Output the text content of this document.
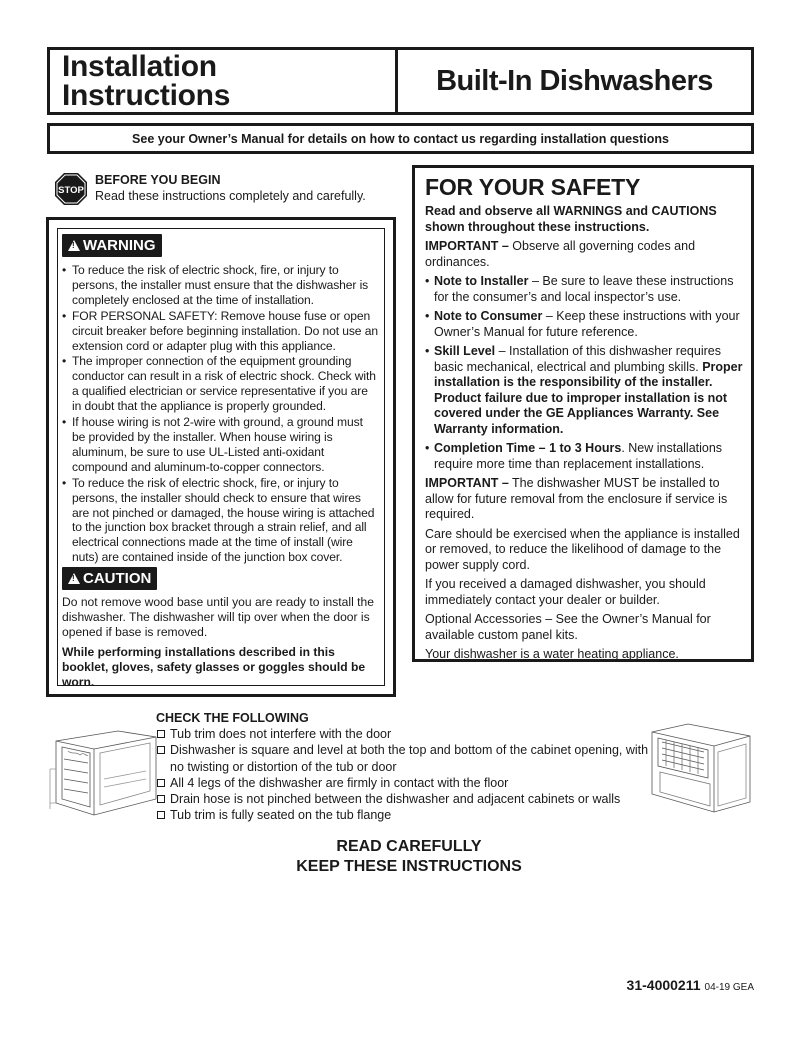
Installation
Instructions	Built-In Dishwashers
See your Owner’s Manual for details on how to contact us regarding installation questions
STOP
BEFORE YOU BEGIN
Read these instructions completely and carefully.
!
WARNING
• To reduce the risk of electric shock, fire, or injury to persons, the installer must ensure that the dishwasher is completely enclosed at the time of installation.
• FOR PERSONAL SAFETY: Remove house fuse or open circuit breaker before beginning installation. Do not use an extension cord or adapter plug with this appliance.
• The improper connection of the equipment grounding conductor can result in a risk of electric shock. Check with a qualified electrician or service representative if you are in doubt that the appliance is properly grounded.
• If house wiring is not 2-wire with ground, a ground must be provided by the installer. When house wiring is aluminum, be sure to use UL-Listed anti-oxidant compound and aluminum-to-copper connectors.
• To reduce the risk of electric shock, fire, or injury to persons, the installer should check to ensure that wires are not pinched or damaged, the house wiring is attached to the junction box bracket through a strain relief, and all electrical connections made at the time of install (wire nuts) are contained inside of the junction box cover.
!
CAUTION
Do not remove wood base until you are ready to install the dishwasher. The dishwasher will tip over when the door is opened if base is removed.
While performing installations described in this booklet, gloves, safety glasses or goggles should be worn.
FOR YOUR SAFETY

Read and observe all WARNINGS and CAUTIONS shown throughout these instructions.

IMPORTANT – Observe all governing codes and ordinances.

• Note to Installer – Be sure to leave these instructions for the consumer’s and local inspector’s use.
• Note to Consumer – Keep these instructions with your Owner’s Manual for future reference.
• Skill Level – Installation of this dishwasher requires basic mechanical, electrical and plumbing skills. Proper installation is the responsibility of the installer. Product failure due to improper installation is not covered under the GE Appliances Warranty. See Warranty information.
• Completion Time – 1 to 3 Hours. New installations require more time than replacement installations.

IMPORTANT – The dishwasher MUST be installed to allow for future removal from the enclosure if service is required.

Care should be exercised when the appliance is installed or removed, to reduce the likelihood of damage to the power supply cord.

If you received a damaged dishwasher, you should immediately contact your dealer or builder.

Optional Accessories – See the Owner’s Manual for available custom panel kits.

Your dishwasher is a water heating appliance.

CHECK THE FOLLOWING
Tub trim does not interfere with the door
Dishwasher is square and level at both the top and bottom of the cabinet opening, with no twisting or distortion of the tub or door
All 4 legs of the dishwasher are firmly in contact with the floor
Drain hose is not pinched between the dishwasher and adjacent cabinets or walls
Tub trim is fully seated on the tub flange
READ CAREFULLY
KEEP THESE INSTRUCTIONS
31-4000211 04-19 GEA
